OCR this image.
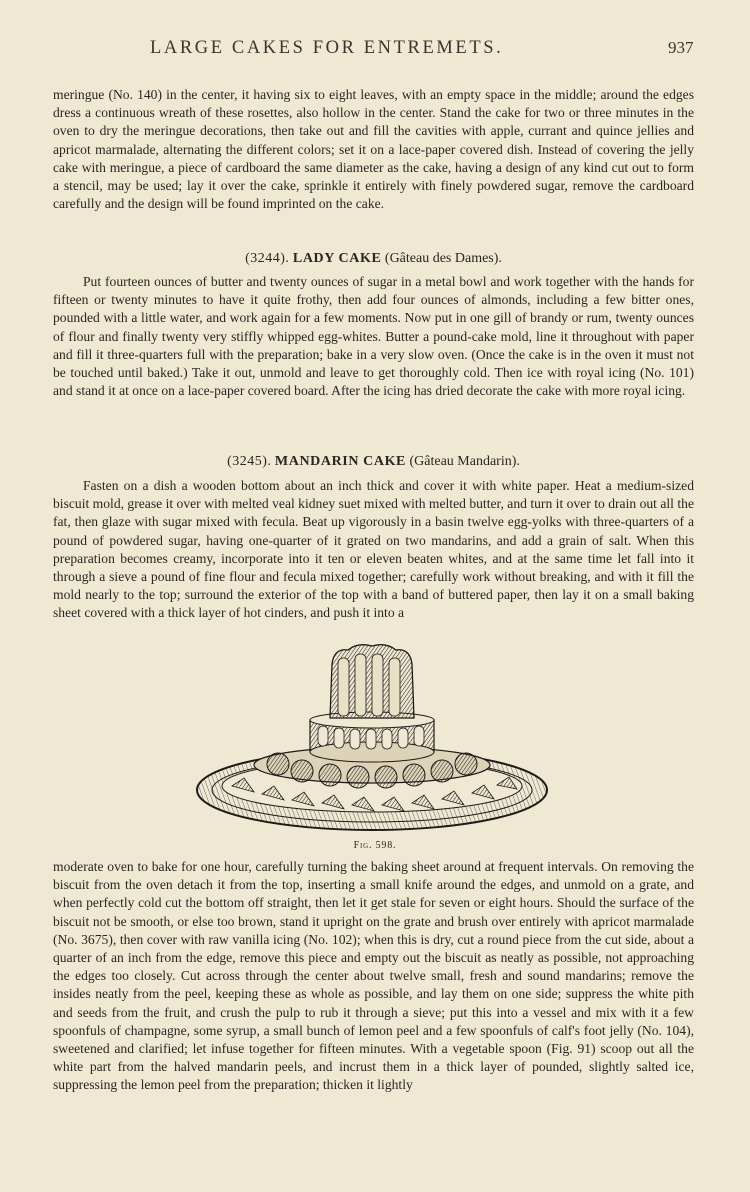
LARGE CAKES FOR ENTREMETS.	937

meringue (No. 140) in the center, it having six to eight leaves, with an empty space in the middle; around the edges dress a continuous wreath of these rosettes, also hollow in the center. Stand the cake for two or three minutes in the oven to dry the meringue decorations, then take out and fill the cavities with apple, currant and quince jellies and apricot marmalade, alternating the different colors; set it on a lace-paper covered dish. Instead of covering the jelly cake with meringue, a piece of cardboard the same diameter as the cake, having a design of any kind cut out to form a stencil, may be used; lay it over the cake, sprinkle it entirely with finely powdered sugar, remove the cardboard carefully and the design will be found imprinted on the cake.

(3244). LADY CAKE (Gâteau des Dames).

Put fourteen ounces of butter and twenty ounces of sugar in a metal bowl and work together with the hands for fifteen or twenty minutes to have it quite frothy, then add four ounces of almonds, including a few bitter ones, pounded with a little water, and work again for a few moments. Now put in one gill of brandy or rum, twenty ounces of flour and finally twenty very stiffly whipped egg-whites. Butter a pound-cake mold, line it throughout with paper and fill it three-quarters full with the preparation; bake in a very slow oven. (Once the cake is in the oven it must not be touched until baked.) Take it out, unmold and leave to get thoroughly cold. Then ice with royal icing (No. 101) and stand it at once on a lace-paper covered board. After the icing has dried decorate the cake with more royal icing.

(3245). MANDARIN CAKE (Gâteau Mandarin).

Fasten on a dish a wooden bottom about an inch thick and cover it with white paper. Heat a medium-sized biscuit mold, grease it over with melted veal kidney suet mixed with melted butter, and turn it over to drain out all the fat, then glaze with sugar mixed with fecula. Beat up vigorously in a basin twelve egg-yolks with three-quarters of a pound of powdered sugar, having one-quarter of it grated on two mandarins, and add a grain of salt. When this preparation becomes creamy, incorporate into it ten or eleven beaten whites, and at the same time let fall into it through a sieve a pound of fine flour and fecula mixed together; carefully work without breaking, and with it fill the mold nearly to the top; surround the exterior of the top with a band of buttered paper, then lay it on a small baking sheet covered with a thick layer of hot cinders, and push it into a

Fig. 598.

moderate oven to bake for one hour, carefully turning the baking sheet around at frequent intervals. On removing the biscuit from the oven detach it from the top, inserting a small knife around the edges, and unmold on a grate, and when perfectly cold cut the bottom off straight, then let it get stale for seven or eight hours. Should the surface of the biscuit not be smooth, or else too brown, stand it upright on the grate and brush over entirely with apricot marmalade (No. 3675), then cover with raw vanilla icing (No. 102); when this is dry, cut a round piece from the cut side, about a quarter of an inch from the edge, remove this piece and empty out the biscuit as neatly as possible, not approaching the edges too closely. Cut across through the center about twelve small, fresh and sound mandarins; remove the insides neatly from the peel, keeping these as whole as possible, and lay them on one side; suppress the white pith and seeds from the fruit, and crush the pulp to rub it through a sieve; put this into a vessel and mix with it a few spoonfuls of champagne, some syrup, a small bunch of lemon peel and a few spoonfuls of calf's foot jelly (No. 104), sweetened and clarified; let infuse together for fifteen minutes. With a vegetable spoon (Fig. 91) scoop out all the white part from the halved mandarin peels, and incrust them in a thick layer of pounded, slightly salted ice, suppressing the lemon peel from the preparation; thicken it lightly
